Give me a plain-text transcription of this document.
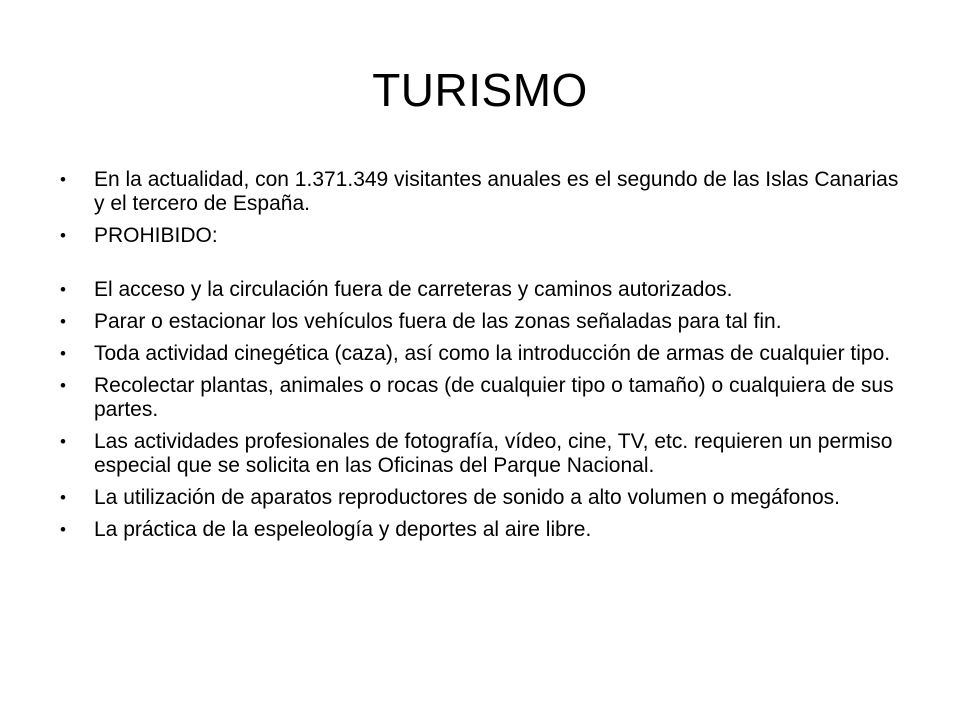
TURISMO
• En la actualidad, con 1.371.349 visitantes anuales es el segundo de las Islas Canarias y el tercero de España.
• PROHIBIDO:
• El acceso y la circulación fuera de carreteras y caminos autorizados.
• Parar o estacionar los vehículos fuera de las zonas señaladas para tal fin.
• Toda actividad cinegética (caza), así como la introducción de armas de cualquier tipo.
• Recolectar plantas, animales o rocas (de cualquier tipo o tamaño) o cualquiera de sus partes.
• Las actividades profesionales de fotografía, vídeo, cine, TV, etc. requieren un permiso especial que se solicita en las Oficinas del Parque Nacional.
• La utilización de aparatos reproductores de sonido a alto volumen o megáfonos.
• La práctica de la espeleología y deportes al aire libre.
